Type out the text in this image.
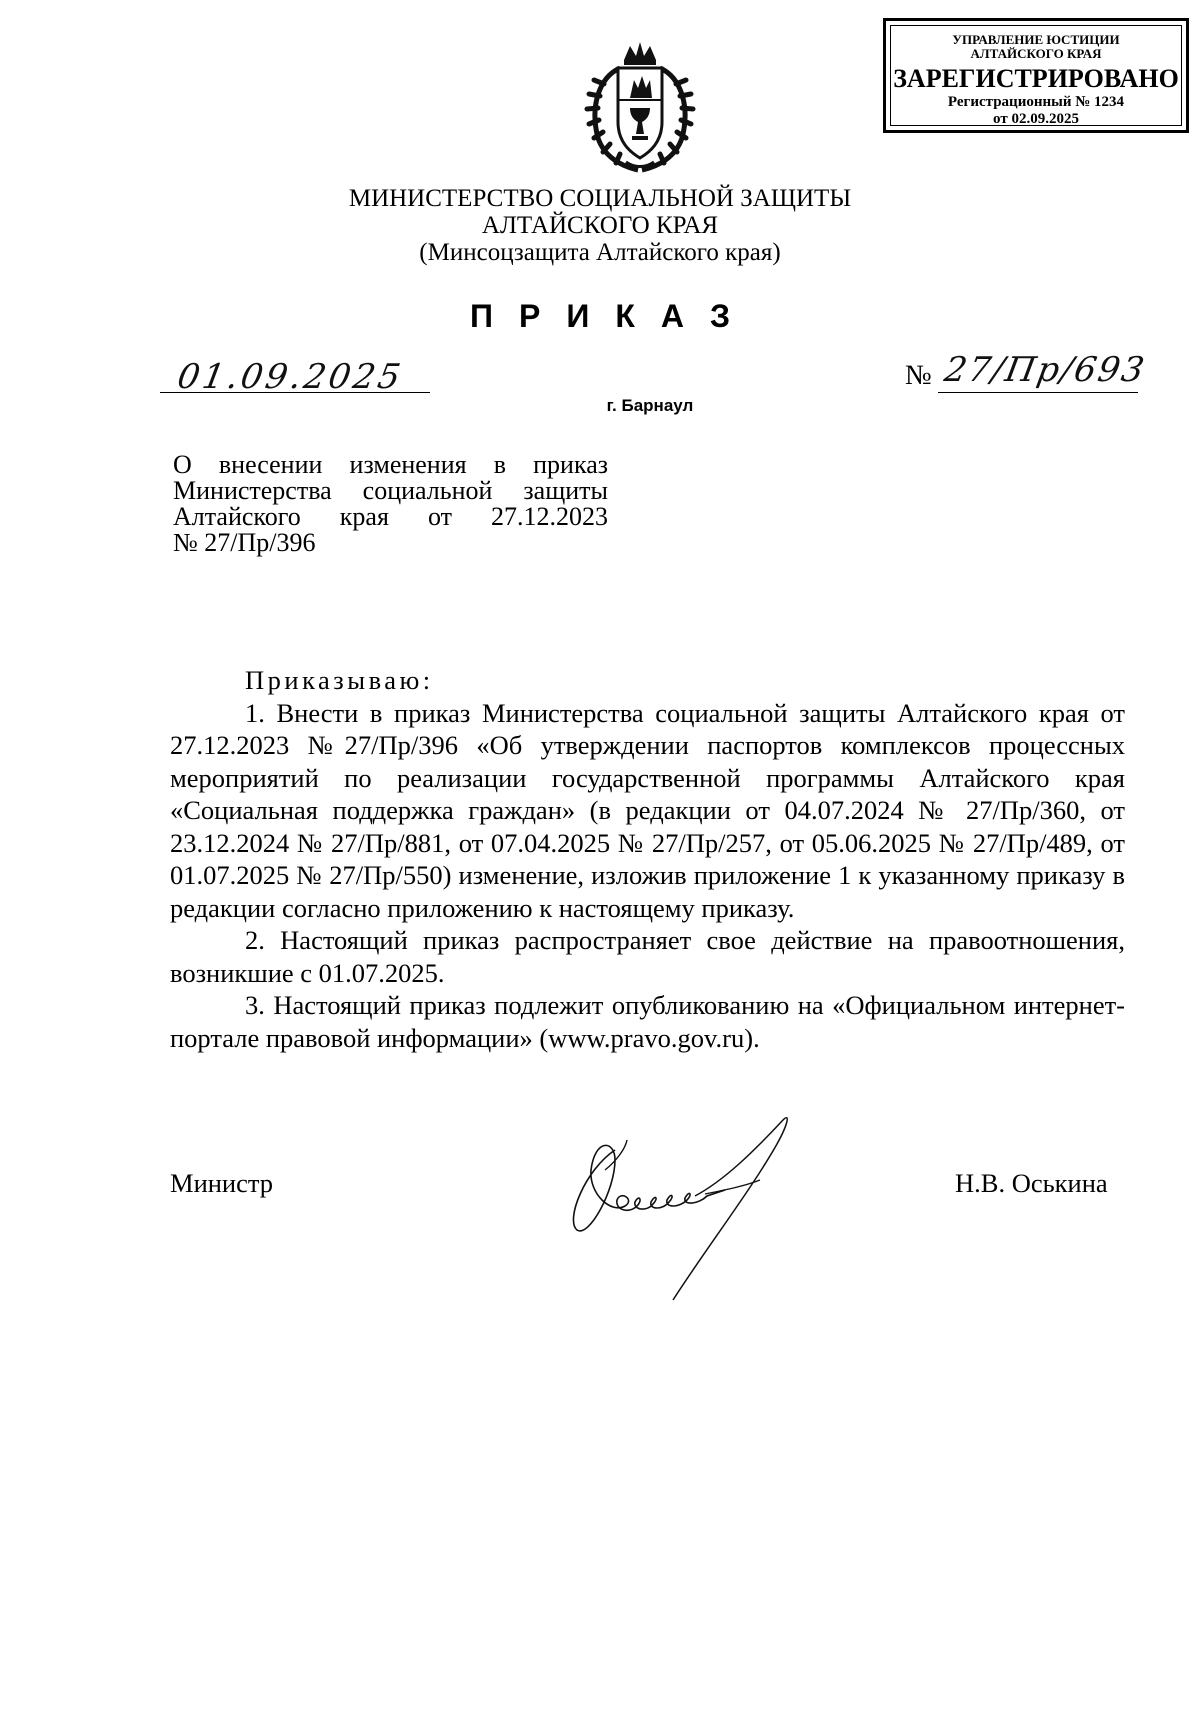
УПРАВЛЕНИЕ ЮСТИЦИИ
АЛТАЙСКОГО КРАЯ
ЗАРЕГИСТРИРОВАНО
Регистрационный № 1234
от 02.09.2025
МИНИСТЕРСТВО СОЦИАЛЬНОЙ ЗАЩИТЫ
АЛТАЙСКОГО КРАЯ
(Минсоцзащита Алтайского края)
ПРИКАЗ
01.09.2025	№ 27/Пр/693
г. Барнаул
О внесении изменения в приказ
Министерства социальной защиты
Алтайского края от 27.12.2023
№ 27/Пр/396
Приказываю:

1. Внести в приказ Министерства социальной защиты Алтайского края от 27.12.2023 №27/Пр/396 «Об утверждении паспортов комплексов процессных мероприятий по реализации государственной программы Алтайского края «Социальная поддержка граждан» (в редакции от 04.07.2024 № 27/Пр/360, от 23.12.2024 № 27/Пр/881, от 07.04.2025 № 27/Пр/257, от 05.06.2025 № 27/Пр/489, от 01.07.2025 № 27/Пр/550) изменение, изложив приложение 1 к указанному приказу в редакции согласно приложению к настоящему приказу.

2. Настоящий приказ распространяет свое действие на правоотношения, возникшие с 01.07.2025.

3. Настоящий приказ подлежит опубликованию на «Официальном интернет-портале правовой информации» (www.pravo.gov.ru).

Министр	Н.В. Оськина
